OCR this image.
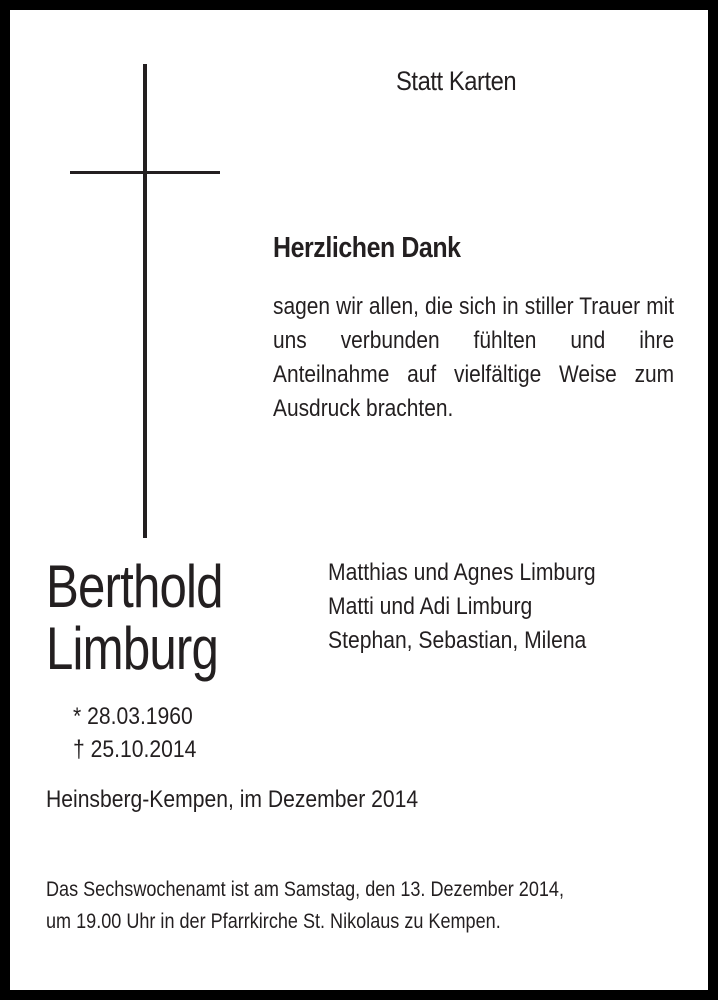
Statt Karten
Herzlichen Dank
sagen wir allen, die sich in stiller Trauer mit uns verbunden fühlten und ihre Anteilnahme auf vielfältige Weise zum Ausdruck brachten.
Berthold
Limburg
* 28.03.1960
† 25.10.2014
Matthias und Agnes Limburg
Matti und Adi Limburg
Stephan, Sebastian, Milena
Heinsberg-Kempen, im Dezember 2014
Das Sechswochenamt ist am Samstag, den 13. Dezember 2014,
um 19.00 Uhr in der Pfarrkirche St. Nikolaus zu Kempen.
